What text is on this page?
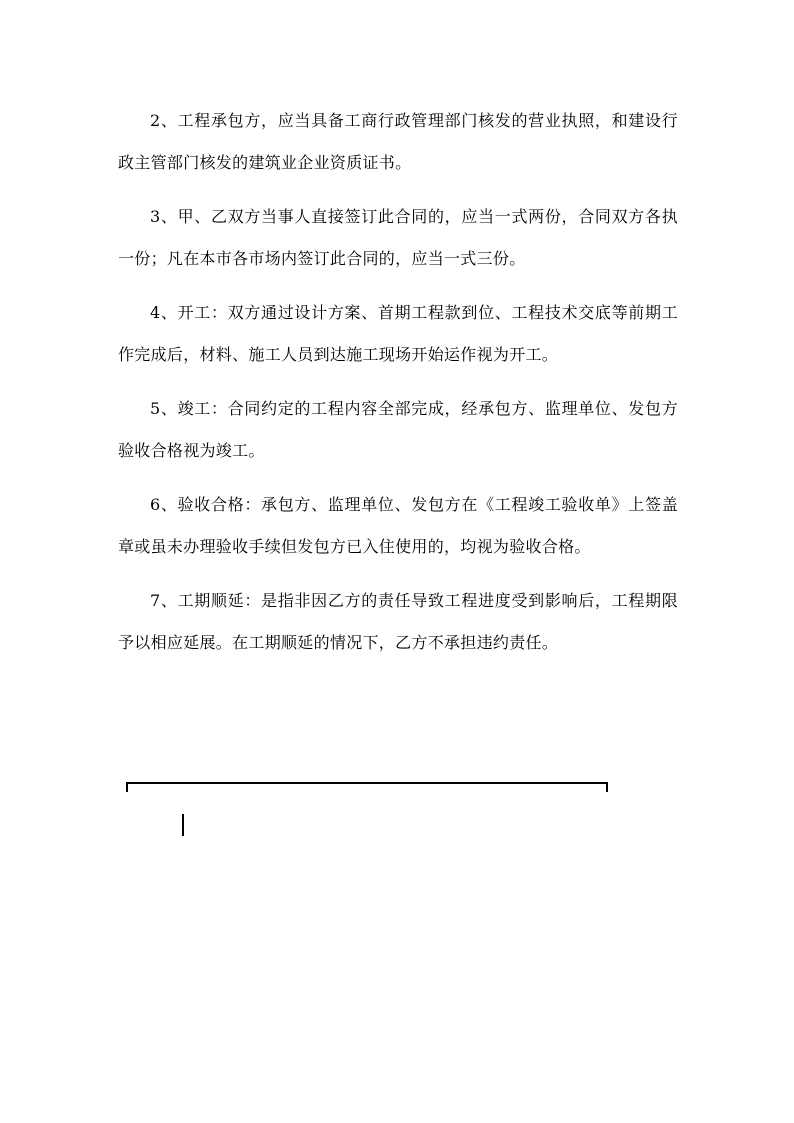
2、工程承包方，应当具备工商行政管理部门核发的营业执照，和建设行政主管部门核发的建筑业企业资质证书。

3、甲、乙双方当事人直接签订此合同的，应当一式两份，合同双方各执一份；凡在本市各市场内签订此合同的，应当一式三份。

4、开工：双方通过设计方案、首期工程款到位、工程技术交底等前期工作完成后，材料、施工人员到达施工现场开始运作视为开工。

5、竣工：合同约定的工程内容全部完成，经承包方、监理单位、发包方验收合格视为竣工。

6、验收合格：承包方、监理单位、发包方在《工程竣工验收单》上签盖章或虽未办理验收手续但发包方已入住使用的，均视为验收合格。

7、工期顺延：是指非因乙方的责任导致工程进度受到影响后，工程期限予以相应延展。在工期顺延的情况下，乙方不承担违约责任。
